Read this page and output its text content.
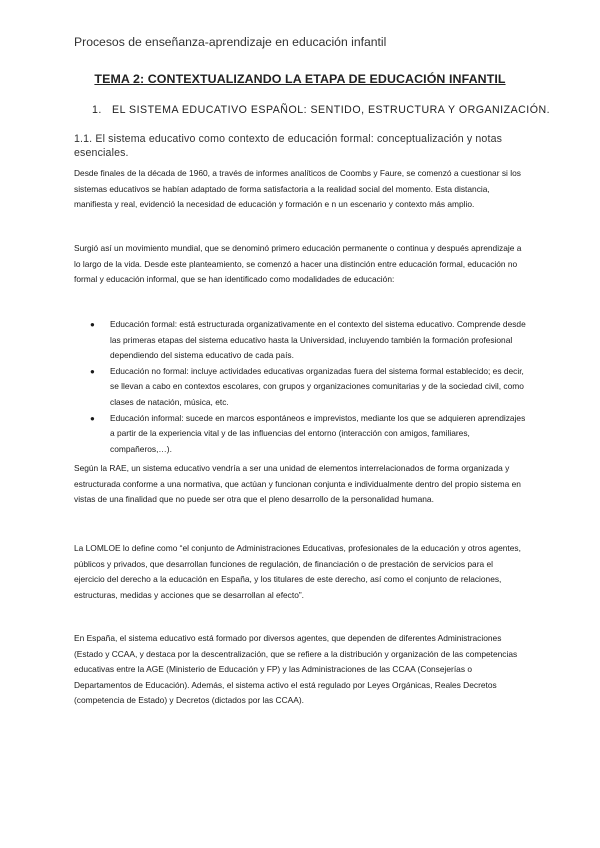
Procesos de enseñanza-aprendizaje en educación infantil
TEMA 2: CONTEXTUALIZANDO LA ETAPA DE EDUCACIÓN INFANTIL
1. EL SISTEMA EDUCATIVO ESPAÑOL: SENTIDO, ESTRUCTURA Y ORGANIZACIÓN.
1.1. El sistema educativo como contexto de educación formal: conceptualización y notas esenciales.

Desde finales de la década de 1960, a través de informes analíticos de Coombs y Faure, se comenzó a cuestionar si los sistemas educativos se habían adaptado de forma satisfactoria a la realidad social del momento. Esta distancia, manifiesta y real, evidenció la necesidad de educación y formación e n un escenario y contexto más amplio.

Surgió así un movimiento mundial, que se denominó primero educación permanente o continua y después aprendizaje a lo largo de la vida. Desde este planteamiento, se comenzó a hacer una distinción entre educación formal, educación no formal y educación informal, que se han identificado como modalidades de educación:

● Educación formal: está estructurada organizativamente en el contexto del sistema educativo. Comprende desde las primeras etapas del sistema educativo hasta la Universidad, incluyendo también la formación profesional dependiendo del sistema educativo de cada país.
● Educación no formal: incluye actividades educativas organizadas fuera del sistema formal establecido; es decir, se llevan a cabo en contextos escolares, con grupos y organizaciones comunitarias y de la sociedad civil, como clases de natación, música, etc.
● Educación informal: sucede en marcos espontáneos e imprevistos, mediante los que se adquieren aprendizajes a partir de la experiencia vital y de las influencias del entorno (interacción con amigos, familiares, compañeros,…).

Según la RAE, un sistema educativo vendría a ser una unidad de elementos interrelacionados de forma organizada y estructurada conforme a una normativa, que actúan y funcionan conjunta e individualmente dentro del propio sistema en vistas de una finalidad que no puede ser otra que el pleno desarrollo de la personalidad humana.

La LOMLOE lo define como “el conjunto de Administraciones Educativas, profesionales de la educación y otros agentes, públicos y privados, que desarrollan funciones de regulación, de financiación o de prestación de servicios para el ejercicio del derecho a la educación en España, y los titulares de este derecho, así como el conjunto de relaciones, estructuras, medidas y acciones que se desarrollan al efecto”.

En España, el sistema educativo está formado por diversos agentes, que dependen de diferentes Administraciones (Estado y CCAA, y destaca por la descentralización, que se refiere a la distribución y organización de las competencias educativas entre la AGE (Ministerio de Educación y FP) y las Administraciones de las CCAA (Consejerías o Departamentos de Educación). Además, el sistema activo el está regulado por Leyes Orgánicas, Reales Decretos (competencia de Estado) y Decretos (dictados por las CCAA).
